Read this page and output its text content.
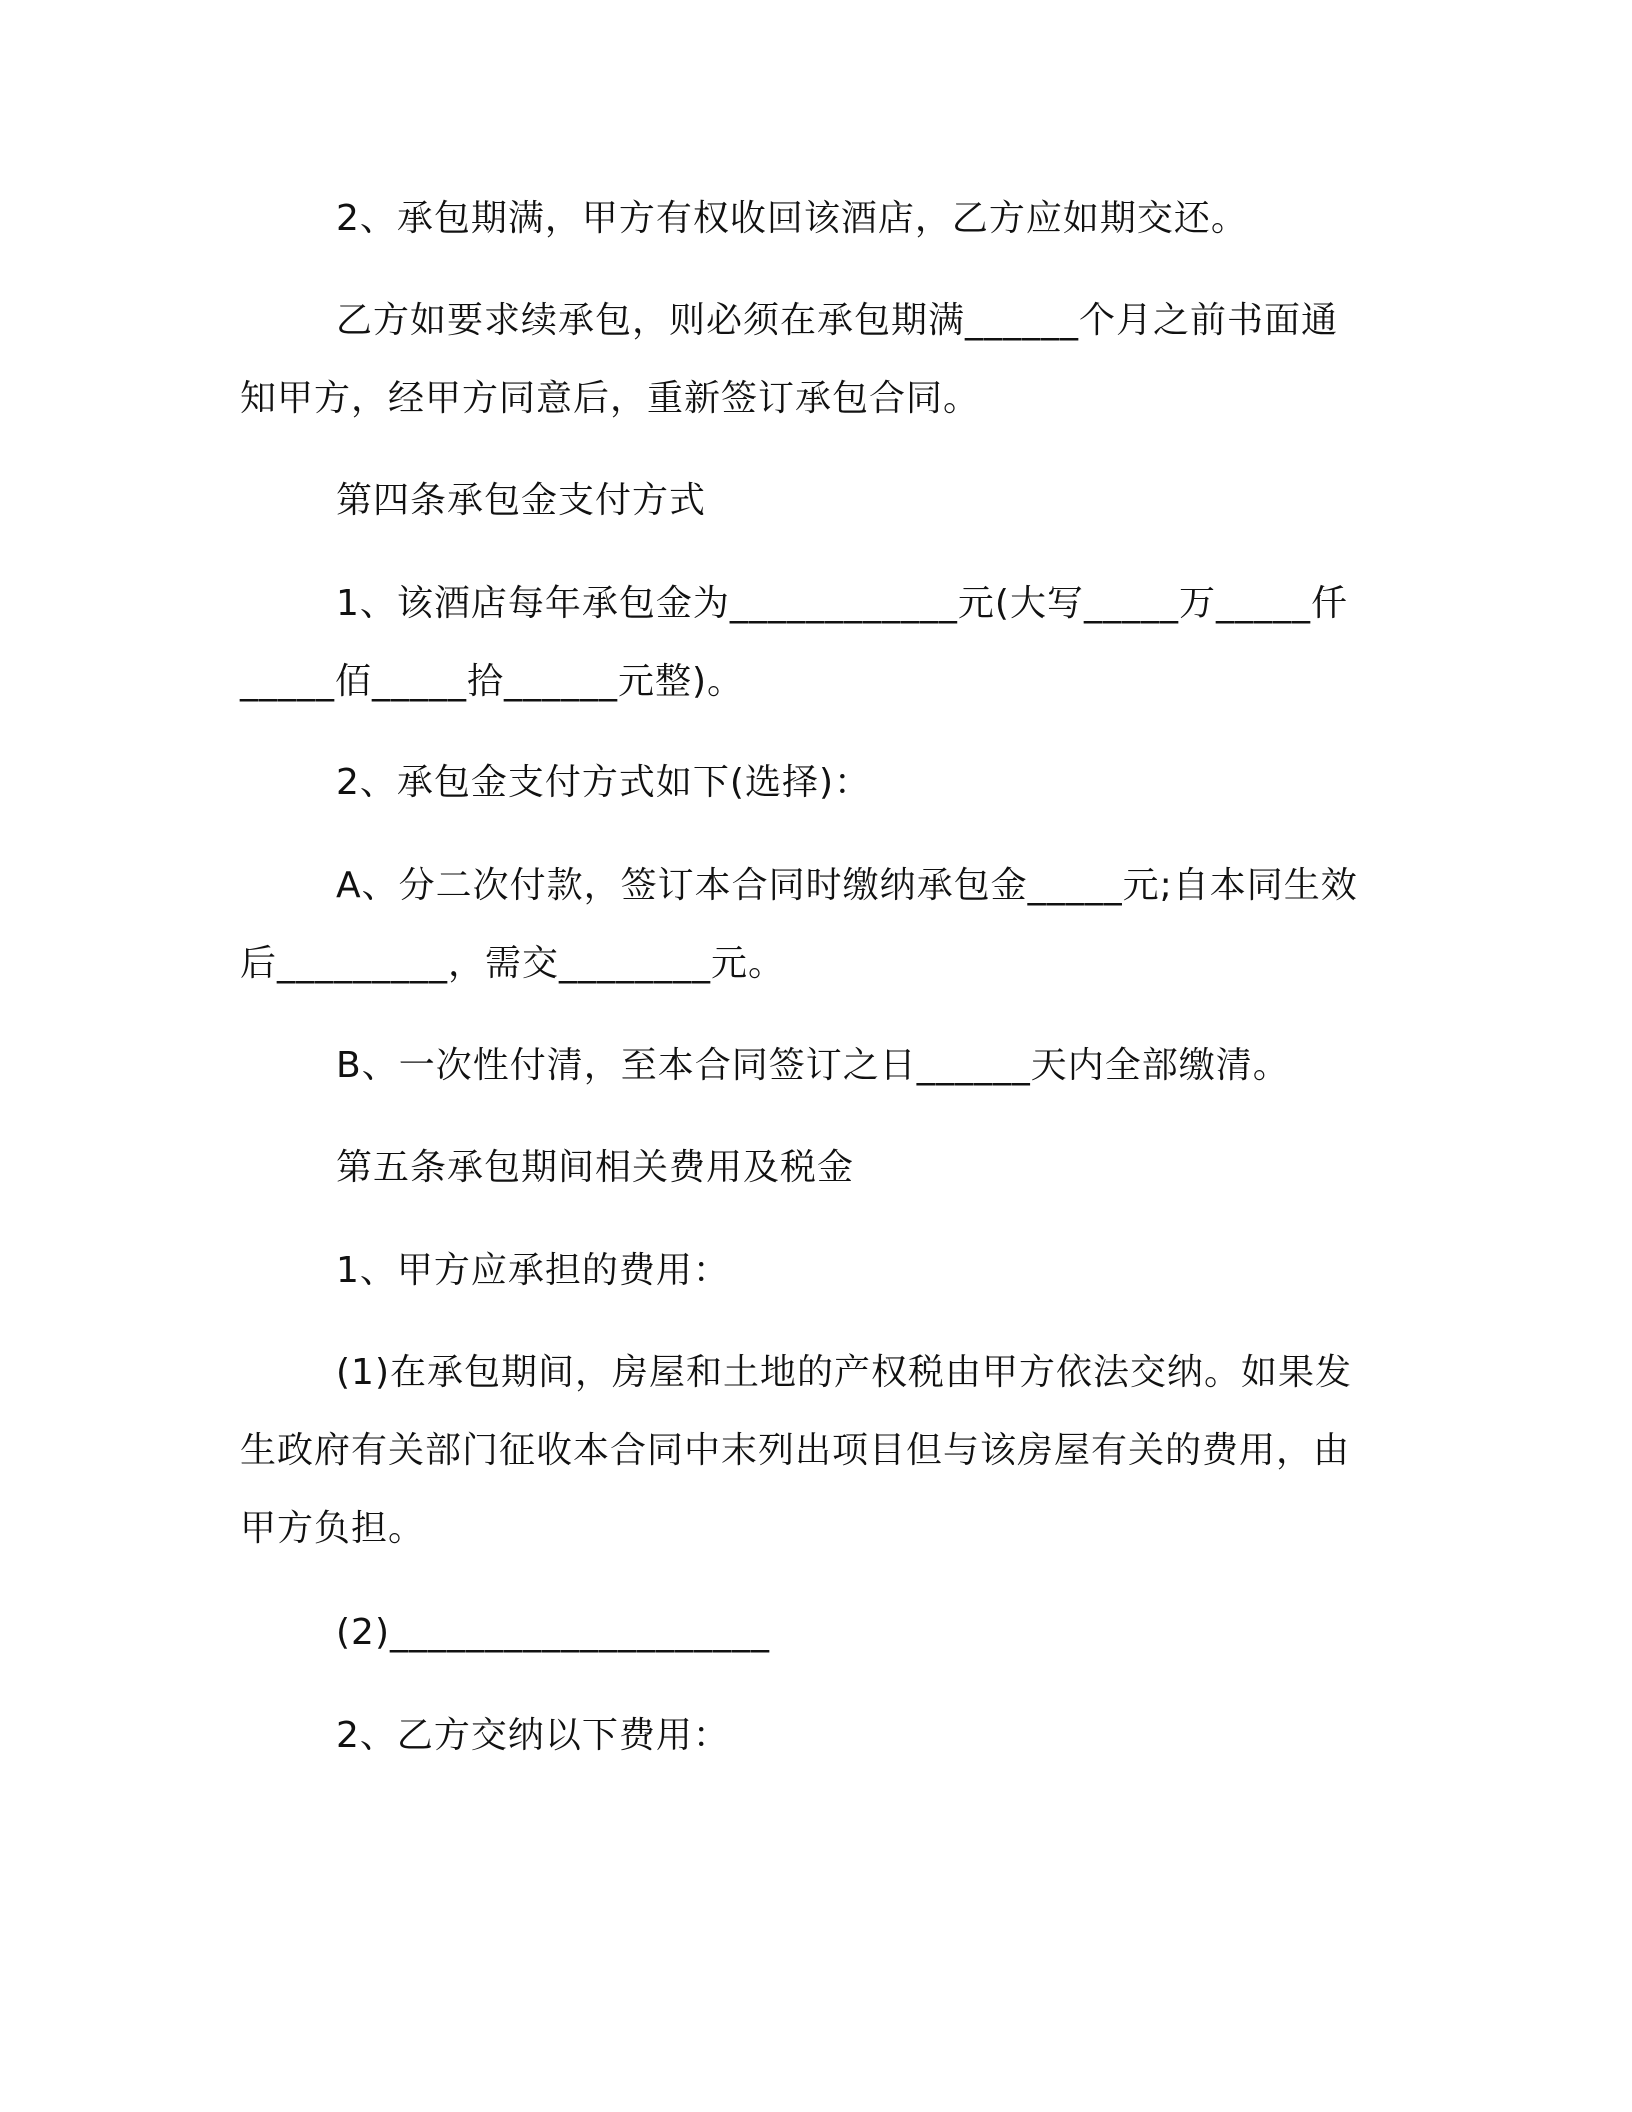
2、承包期满，甲方有权收回该酒店，乙方应如期交还。

乙方如要求续承包，则必须在承包期满______个月之前书面通知甲方，经甲方同意后，重新签订承包合同。

第四条承包金支付方式

1、该酒店每年承包金为____________元(大写_____万_____仟_____佰_____拾______元整)。

2、承包金支付方式如下(选择)：

A、分二次付款，签订本合同时缴纳承包金_____元;自本同生效后_________，需交________元。

B、一次性付清，至本合同签订之日______天内全部缴清。

第五条承包期间相关费用及税金

1、甲方应承担的费用：

(1)在承包期间，房屋和土地的产权税由甲方依法交纳。如果发生政府有关部门征收本合同中末列出项目但与该房屋有关的费用，由甲方负担。

(2)____________________

2、乙方交纳以下费用：
